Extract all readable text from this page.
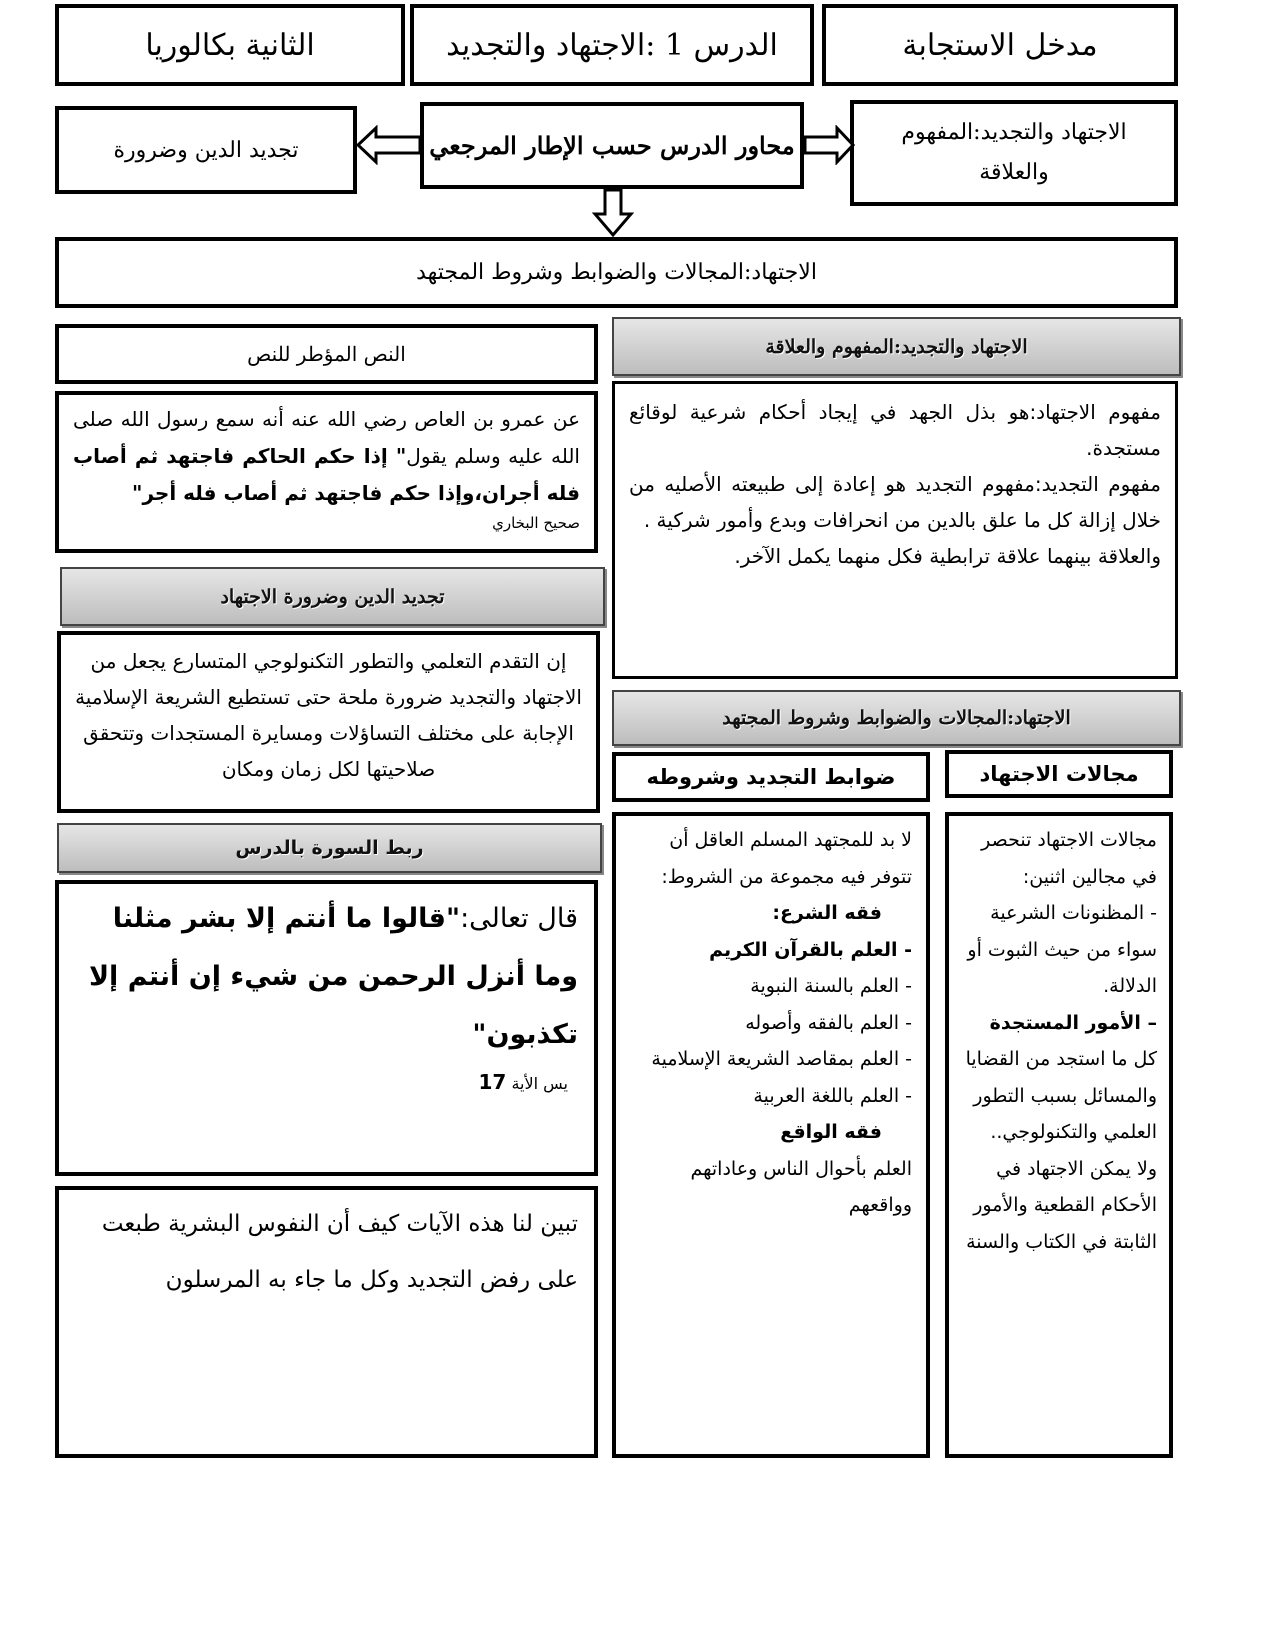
مدخل الاستجابة
الدرس 1 :الاجتهاد والتجديد
الثانية بكالوريا
الاجتهاد والتجديد:المفهوم والعلاقة
محاور الدرس حسب الإطار المرجعي
تجديد الدين وضرورة
الاجتهاد:المجالات والضوابط وشروط المجتهد
الاجتهاد والتجديد:المفهوم والعلاقة

مفهوم الاجتهاد:هو بذل الجهد في إيجاد أحكام شرعية لوقائع مستجدة.

مفهوم التجديد:مفهوم التجديد هو إعادة إلى طبيعته الأصليه من خلال إزالة كل ما علق بالدين من انحرافات وبدع وأمور شركية .

والعلاقة بينهما علاقة ترابطية فكل منهما يكمل الآخر.

النص المؤطر للنص
عن عمرو بن العاص رضي الله عنه أنه سمع رسول الله صلى الله عليه وسلم يقول" إذا حكم الحاكم فاجتهد ثم أصاب فله أجران،وإذا حكم فاجتهد ثم أصاب فله أجر"

صحيح البخاري

تجديد الدين وضرورة الاجتهاد

إن التقدم التعلمي والتطور التكنولوجي المتسارع يجعل من الاجتهاد والتجديد ضرورة ملحة حتى تستطيع الشريعة الإسلامية الإجابة على مختلف التساؤلات ومسايرة المستجدات وتتحقق صلاحيتها لكل زمان ومكان

ربط السورة بالدرس
قال تعالى:"قالوا ما أنتم إلا بشر مثلنا وما أنزل الرحمن من شيء إن أنتم إلا تكذبون"
يس الأية 17

تبين لنا هذه الآيات كيف أن النفوس البشرية طبعت على رفض التجديد وكل ما جاء به المرسلون

الاجتهاد:المجالات والضوابط وشروط المجتهد
مجالات الاجتهاد
ضوابط التجديد وشروطه

مجالات الاجتهاد تنحصر في مجالين اثنين:

- المظنونات الشرعية سواء من حيث الثبوت أو الدلالة.

– الأمور المستجدة

كل ما استجد من القضايا والمسائل بسبب التطور العلمي والتكنولوجي..

ولا يمكن الاجتهاد في الأحكام القطعية والأمور الثابتة في الكتاب والسنة

لا بد للمجتهد المسلم العاقل أن تتوفر فيه مجموعة من الشروط:

فقه الشرع:

- العلم بالقرآن الكريم

- العلم بالسنة النبوية

- العلم بالفقه وأصوله

- العلم بمقاصد الشريعة الإسلامية

- العلم باللغة العربية

فقه الواقع

العلم بأحوال الناس وعاداتهم وواقعهم
